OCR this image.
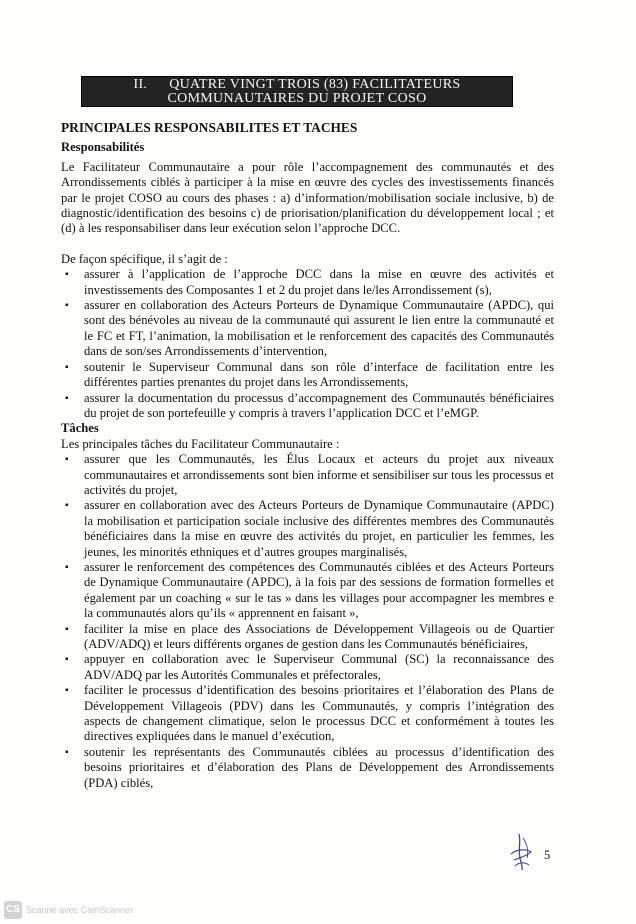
II. QUATRE VINGT TROIS (83) FACILITATEURS
COMMUNAUTAIRES DU PROJET COSO
PRINCIPALES RESPONSABILITES ET TACHES
Responsabilités

Le Facilitateur Communautaire a pour rôle l’accompagnement des communautés et des Arrondissements ciblés à participer à la mise en œuvre des cycles des investissements financés par le projet COSO au cours des phases : a) d’information/mobilisation sociale inclusive, b) de diagnostic/identification des besoins c) de priorisation/planification du développement local ; et (d) à les responsabiliser dans leur exécution selon l’approche DCC.

De façon spécifique, il s’agit de :

▪ assurer à l’application de l’approche DCC dans la mise en œuvre des activités et investissements des Composantes 1 et 2 du projet dans le/les Arrondissement (s),
▪ assurer en collaboration des Acteurs Porteurs de Dynamique Communautaire (APDC), qui sont des bénévoles au niveau de la communauté qui assurent le lien entre la communauté et le FC et FT, l’animation, la mobilisation et le renforcement des capacités des Communautés dans de son/ses Arrondissements d’intervention,
▪ soutenir le Superviseur Communal dans son rôle d’interface de facilitation entre les différentes parties prenantes du projet dans les Arrondissements,
▪ assurer la documentation du processus d’accompagnement des Communautés bénéficiaires du projet de son portefeuille y compris à travers l’application DCC et l’eMGP.
Tâches

Les principales tâches du Facilitateur Communautaire :

▪ assurer que les Communautés, les Élus Locaux et acteurs du projet aux niveaux communautaires et arrondissements sont bien informe et sensibiliser sur tous les processus et activités du projet,
▪ assurer en collaboration avec des Acteurs Porteurs de Dynamique Communautaire (APDC) la mobilisation et participation sociale inclusive des différentes membres des Communautés bénéficiaires dans la mise en œuvre des activités du projet, en particulier les femmes, les jeunes, les minorités ethniques et d’autres groupes marginalisés,
▪ assurer le renforcement des compétences des Communautés ciblées et des Acteurs Porteurs de Dynamique Communautaire (APDC), à la fois par des sessions de formation formelles et également par un coaching « sur le tas » dans les villages pour accompagner les membres e la communautés alors qu’ils « apprennent en faisant »,
▪ faciliter la mise en place des Associations de Développement Villageois ou de Quartier (ADV/ADQ) et leurs différents organes de gestion dans les Communautés bénéficiaires,
▪ appuyer en collaboration avec le Superviseur Communal (SC) la reconnaissance des ADV/ADQ par les Autorités Communales et préfectorales,
▪ faciliter le processus d’identification des besoins prioritaires et l’élaboration des Plans de Développement Villageois (PDV) dans les Communautés, y compris l’intégration des aspects de changement climatique, selon le processus DCC et conformément à toutes les directives expliquées dans le manuel d’exécution,
▪ soutenir les représentants des Communautés ciblées au processus d’identification des besoins prioritaires et d’élaboration des Plans de Développement des Arrondissements (PDA) ciblés,
5
CS Scanné avec CamScanner
